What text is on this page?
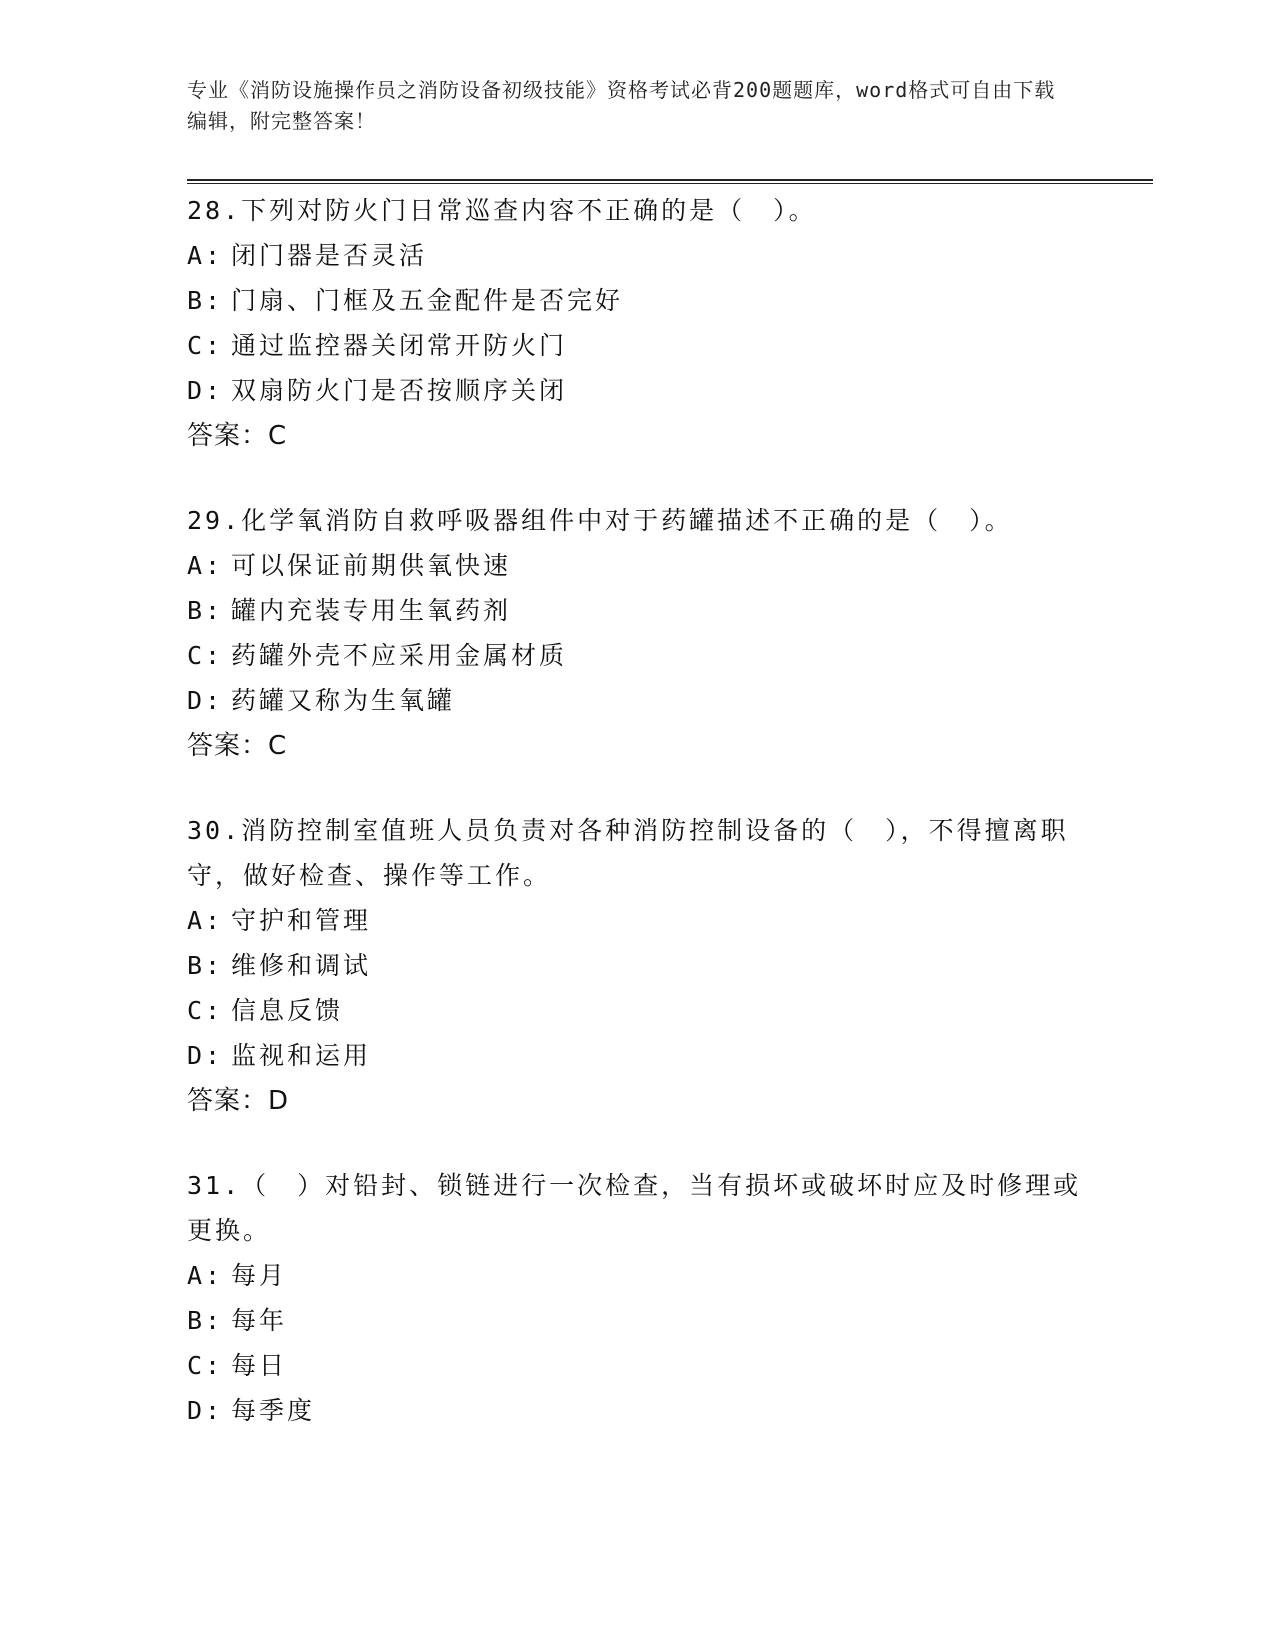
专业《消防设施操作员之消防设备初级技能》资格考试必背200题题库，word格式可自由下载编辑，附完整答案！

28.下列对防火门日常巡查内容不正确的是（　）。

A: 闭门器是否灵活

B: 门扇、门框及五金配件是否完好

C: 通过监控器关闭常开防火门

D: 双扇防火门是否按顺序关闭

答案：C

29.化学氧消防自救呼吸器组件中对于药罐描述不正确的是（　）。

A: 可以保证前期供氧快速

B: 罐内充装专用生氧药剂

C: 药罐外壳不应采用金属材质

D: 药罐又称为生氧罐

答案：C

30.消防控制室值班人员负责对各种消防控制设备的（　），不得擅离职守，做好检查、操作等工作。

A: 守护和管理

B: 维修和调试

C: 信息反馈

D: 监视和运用

答案：D

31.（　）对铅封、锁链进行一次检查，当有损坏或破坏时应及时修理或更换。

A: 每月

B: 每年

C: 每日

D: 每季度
